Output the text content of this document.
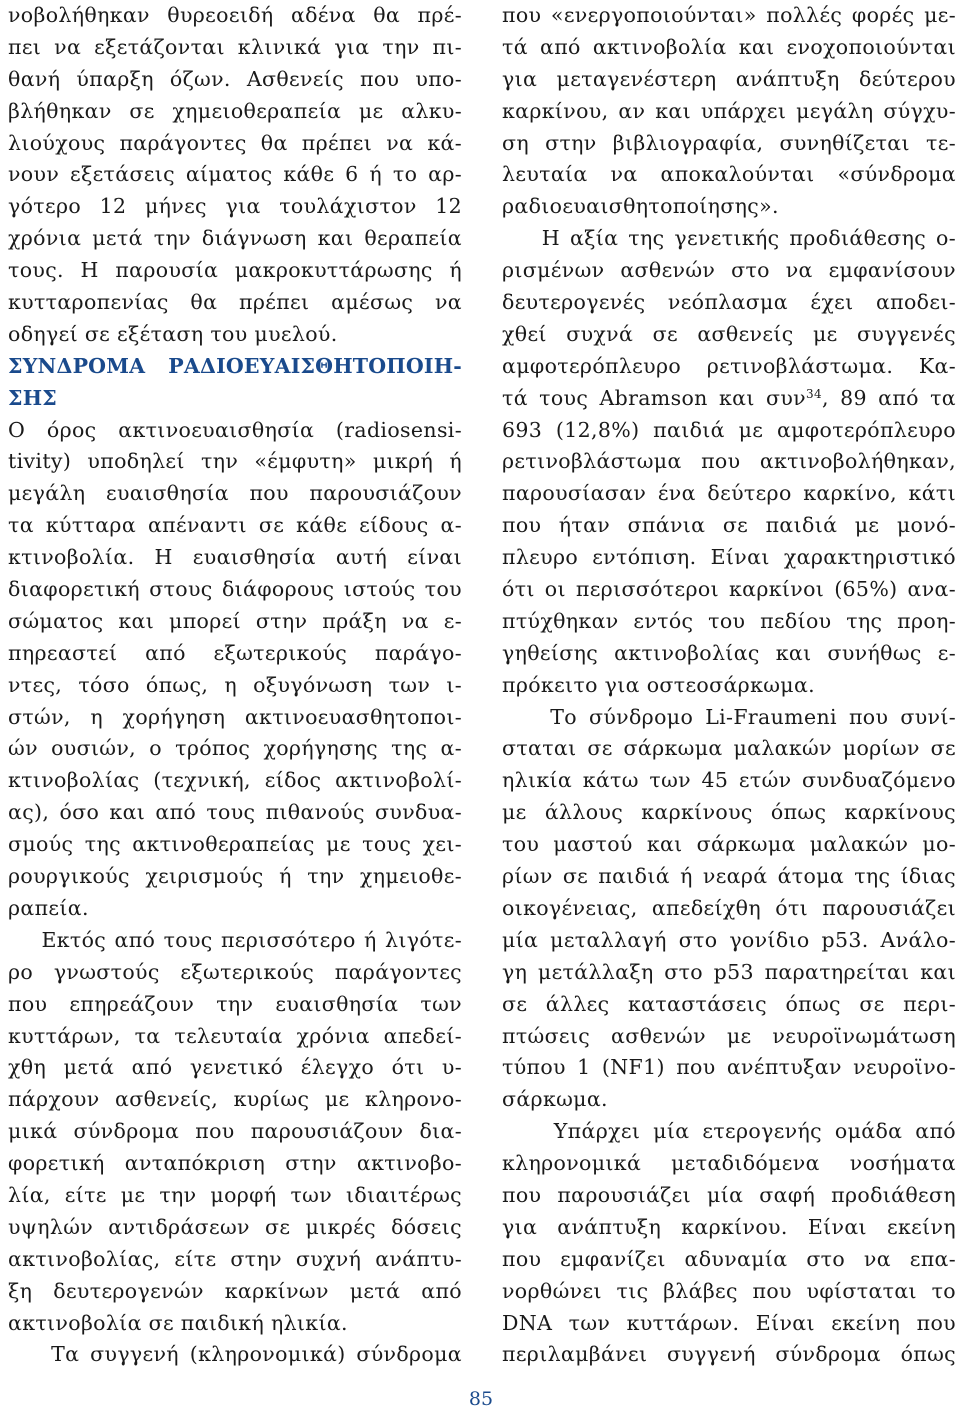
νοβολήθηκαν θυρεοειδή αδένα θα πρέ-
πει να εξετάζονται κλινικά για την πι-
θανή ύπαρξη όζων. Ασθενείς που υπο-
βλήθηκαν σε χημειοθεραπεία με αλκυ-
λιούχους παράγοντες θα πρέπει να κά-
νουν εξετάσεις αίματος κάθε 6 ή το αρ-
γότερο 12 μήνες για τουλάχιστον 12
χρόνια μετά την διάγνωση και θεραπεία
τους. Η παρουσία μακροκυττάρωσης ή
κυτταροπενίας θα πρέπει αμέσως να
οδηγεί σε εξέταση του μυελού.
ΣΥΝΔΡΟΜΑ ΡΑΔΙΟΕΥΑΙΣΘΗΤΟΠΟΙΗ-
ΣΗΣ
Ο όρος ακτινοευαισθησία (radiosensi-
tivity) υποδηλεί την «έμφυτη» μικρή ή
μεγάλη ευαισθησία που παρουσιάζουν
τα κύτταρα απέναντι σε κάθε είδους α-
κτινοβολία. Η ευαισθησία αυτή είναι
διαφορετική στους διάφορους ιστούς του
σώματος και μπορεί στην πράξη να ε-
πηρεαστεί από εξωτερικούς παράγο-
ντες, τόσο όπως, η οξυγόνωση των ι-
στών, η χορήγηση ακτινοευασθητοποι-
ών ουσιών, ο τρόπος χορήγησης της α-
κτινοβολίας (τεχνική, είδος ακτινοβολί-
ας), όσο και από τους πιθανούς συνδυα-
σμούς της ακτινοθεραπείας με τους χει-
ρουργικούς χειρισμούς ή την χημειοθε-
ραπεία.
Εκτός από τους περισσότερο ή λιγότε-
ρο γνωστούς εξωτερικούς παράγοντες
που επηρεάζουν την ευαισθησία των
κυττάρων, τα τελευταία χρόνια απεδεί-
χθη μετά από γενετικό έλεγχο ότι υ-
πάρχουν ασθενείς, κυρίως με κληρονο-
μικά σύνδρομα που παρουσιάζουν δια-
φορετική ανταπόκριση στην ακτινοβο-
λία, είτε με την μορφή των ιδιαιτέρως
υψηλών αντιδράσεων σε μικρές δόσεις
ακτινοβολίας, είτε στην συχνή ανάπτυ-
ξη δευτερογενών καρκίνων μετά από
ακτινοβολία σε παιδική ηλικία.
Τα συγγενή (κληρονομικά) σύνδρομα
που «ενεργοποιούνται» πολλές φορές με-
τά από ακτινοβολία και ενοχοποιούνται
για μεταγενέστερη ανάπτυξη δεύτερου
καρκίνου, αν και υπάρχει μεγάλη σύγχυ-
ση στην βιβλιογραφία, συνηθίζεται τε-
λευταία να αποκαλούνται «σύνδρομα
ραδιοευαισθητοποίησης».
Η αξία της γενετικής προδιάθεσης ο-
ρισμένων ασθενών στο να εμφανίσουν
δευτερογενές νεόπλασμα έχει αποδει-
χθεί συχνά σε ασθενείς με συγγενές
αμφοτερόπλευρο ρετινοβλάστωμα. Κα-
τά τους Abramson και συν$^{34}$, 89 από τα
693 (12,8%) παιδιά με αμφοτερόπλευρο
ρετινοβλάστωμα που ακτινοβολήθηκαν,
παρουσίασαν ένα δεύτερο καρκίνο, κάτι
που ήταν σπάνια σε παιδιά με μονό-
πλευρο εντόπιση. Είναι χαρακτηριστικό
ότι οι περισσότεροι καρκίνοι (65%) ανα-
πτύχθηκαν εντός του πεδίου της προη-
γηθείσης ακτινοβολίας και συνήθως ε-
πρόκειτο για οστεοσάρκωμα.
Το σύνδρομο Li-Fraumeni που συνί-
σταται σε σάρκωμα μαλακών μορίων σε
ηλικία κάτω των 45 ετών συνδυαζόμενο
με άλλους καρκίνους όπως καρκίνους
του μαστού και σάρκωμα μαλακών μο-
ρίων σε παιδιά ή νεαρά άτομα της ίδιας
οικογένειας, απεδείχθη ότι παρουσιάζει
μία μεταλλαγή στο γονίδιο p53. Ανάλο-
γη μετάλλαξη στο p53 παρατηρείται και
σε άλλες καταστάσεις όπως σε περι-
πτώσεις ασθενών με νευροϊνωμάτωση
τύπου 1 (NF1) που ανέπτυξαν νευροϊνο-
σάρκωμα.
Υπάρχει μία ετερογενής ομάδα από
κληρονομικά μεταδιδόμενα νοσήματα
που παρουσιάζει μία σαφή προδιάθεση
για ανάπτυξη καρκίνου. Είναι εκείνη
που εμφανίζει αδυναμία στο να επα-
νορθώνει τις βλάβες που υφίσταται το
DNA των κυττάρων. Είναι εκείνη που
περιλαμβάνει συγγενή σύνδρομα όπως
85
